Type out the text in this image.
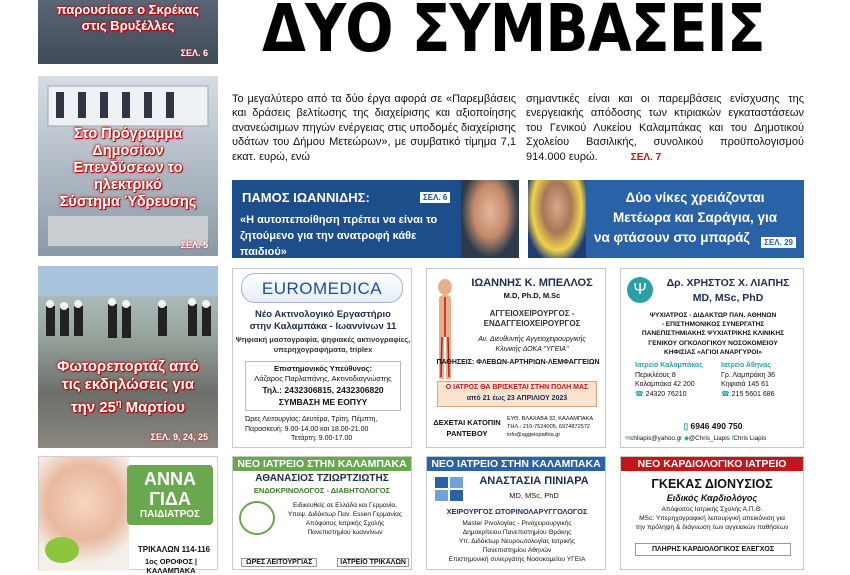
παρουσίασε ο Σκρέκας
στις Βρυξέλλες
ΣΕΛ. 6
Στο Πρόγραμμα
Δημοσίων
Επενδύσεων το
ηλεκτρικό
Σύστημα Ύδρευσης
ΣΕΛ. 5
Φωτορεπορτάζ από
τις εκδηλώσεις για
την $25^\eta$ Μαρτίου
ΣΕΛ. 9, 24, 25
ΑΝΝΑ
ΓΙΔΑ
ΠΑΙΔΙΑΤΡΟΣ
ΤΡΙΚΑΛΩΝ 114-116
1ος ΟΡΟΦΟΣ | ΚΑΛΑΜΠΑΚΑ
ΔΥΟ ΣΥΜΒΑΣΕΙΣ
Το μεγαλύτερο από τα δύο έργα αφορά σε «Παρεμβάσεις και δράσεις βελτίωσης της διαχείρισης και αξιοποίησης ανανεώσιμων πηγών ενέργειας στις υποδομές διαχείρισης υδάτων του Δήμου Μετεώρων», με συμβατικό τίμημα 7,1 εκατ. ευρώ, ενώ
σημαντικές είναι και οι παρεμβάσεις ενίσχυσης της ενεργειακής απόδοσης των κτιριακών εγκαταστάσεων του Γενικού Λυκείου Καλαμπάκας και του Δημοτικού Σχολείου Βασιλικής, συνολικού προϋπολογισμού 914.000 ευρώ.	ΣΕΛ. 7
ΠΑΜΟΣ ΙΩΑΝΝΙΔΗΣ:	ΣΕΛ. 6
«Η αυτοπεποίθηση πρέπει να είναι το
ζητούμενο για την ανατροφή κάθε παιδιού»
Δύο νίκες χρειάζονται
Μετέωρα και Σαράγια, για
να φτάσουν στο μπαράζ	ΣΕΛ. 29
EUROMEDICA
Νέο Ακτινολογικό Εργαστήριο
στην Καλαμπάκα - Ιωαννίνων 11
Ψηφιακή μαστογραφία, ψηφιακές ακτινογραφίες,
υπερηχογραφήματα, triplex
Επιστημονικός Υπεύθυνος:
Λάζαρος Παρλαπάνης, Ακτινοδιαγνώστης
Τηλ.: 2432306815, 2432306820
ΣΥΜΒΑΣΗ ΜΕ ΕΟΠΥΥ
Ώρες Λειτουργίας: Δευτέρα, Τρίτη, Πέμπτη,
Παρασκευή: 9.00-14.00 και 18.00-21.00
Τετάρτη: 9.00-17.00
ΙΩΑΝΝΗΣ Κ. ΜΠΕΛΛΟΣ
M.D, Ph.D, M.Sc
ΑΓΓΕΙΟΧΕΙΡΟΥΡΓΟΣ -
ΕΝΔΑΓΓΕΙΟΧΕΙΡΟΥΡΓΟΣ
Αν. Διευθυντής Αγγειοχειρουργικής
Κλινικής ΔΟΚΑ "ΥΓΕΙΑ"
ΠΑΘΗΣΕΙΣ: ΦΛΕΒΩΝ-ΑΡΤΗΡΙΩΝ-ΛΕΜΦΑΓΓΕΙΩΝ
Ο ΙΑΤΡΟΣ ΘΑ ΒΡΙΣΚΕΤΑΙ ΣΤΗΝ ΠΟΛΗ ΜΑΣ
από 21 έως 23 ΑΠΡΙΛΙΟΥ 2023
ΔΕΧΕΤΑΙ ΚΑΤΟΠΙΝ
ΡΑΝΤΕΒΟΥ
ΕΥΘ. ΒΛΑΧΑΒΑ 32, ΚΑΛΑΜΠΑΚΑ
ΤΗΛ.: 210-7524005, 6974872572
info@aggeiopathia.gr
Ψ	Δρ. ΧΡΗΣΤΟΣ Χ. ΛΙΑΠΗΣ
MD, MSc, PhD
ΨΥΧΙΑΤΡΟΣ - ΔΙΔΑΚΤΩΡ ΠΑΝ. ΑΘΗΝΩΝ
- ΕΠΙΣΤΗΜΟΝΙΚΟΣ ΣΥΝΕΡΓΑΤΗΣ
ΠΑΝΕΠΙΣΤΗΜΙΑΚΗΣ ΨΥΧΙΑΤΡΙΚΗΣ ΚΛΙΝΙΚΗΣ
ΓΕΝΙΚΟΥ ΟΓΚΟΛΟΓΙΚΟΥ ΝΟΣΟΚΟΜΕΙΟΥ
ΚΗΦΙΣΙΑΣ «ΑΓΙΟΙ ΑΝΑΡΓΥΡΟΙ»
Ιατρείο Καλαμπάκας
Περικλέους 8
Καλαμπάκα 42 200
☎ 24320 76210
Ιατρείο Αθηνας
Γρ. Λαμπράκη 36
Κηφισιά 145 61
☎ 215 5601 686
▯ 6946 490 750
✉chliapis@yahoo.gr ◆@Chris_Liapis fChris Liapis
ΝΕΟ ΙΑΤΡΕΙΟ ΣΤΗΝ ΚΑΛΑΜΠΑΚΑ
ΑΘΑΝΑΣΙΟΣ ΤΖΙΩΡΤΖΙΩΤΗΣ
ΕΝΔΟΚΡΙΝΟΛΟΓΟΣ - ΔΙΑΒΗΤΟΛΟΓΟΣ
Ειδικευθείς σε Ελλάδα και Γερμανία,
Υποψ. Διδάκτωρ Παν. Essen Γερμανίας
Απόφοιτος Ιατρικής Σχολής
Πανεπιστημίου Ιωαννίνων
ΩΡΕΣ ΛΕΙΤΟΥΡΓΙΑΣ	ΙΑΤΡΕΙΟ ΤΡΙΚΑΛΩΝ
ΝΕΟ ΙΑΤΡΕΙΟ ΣΤΗΝ ΚΑΛΑΜΠΑΚΑ
ΑΝΑΣΤΑΣΙΑ ΠΙΝΙΑΡΑ
MD, MSc, PhD
ΧΕΙΡΟΥΡΓΟΣ ΩΤΟΡΙΝΟΛΑΡΥΓΓΟΛΟΓΟΣ
Master Ρινολογίας - Ρινοχειρουργικής
Δημοκρίτειου Πανεπιστημίου Θράκης
Υπ. Διδάκτωρ Νευροωτολογίας Ιατρικής
Πανεπιστημίου Αθηνών
Επιστημονική συνεργάτης Νοσοκομείου ΥΓΕΙΑ
ΝΕΟ ΚΑΡΔΙΟΛΟΓΙΚΟ ΙΑΤΡΕΙΟ
ΓΚΕΚΑΣ ΔΙΟΝΥΣΙΟΣ
Ειδικός Καρδιολόγος
Απόφοιτος Ιατρικής Σχολής Α.Π.Θ.
MSc: Υπερηχογραφική λειτουργική απεικόνιση για
την πρόληψη & διάγνωση των αγγειακών παθήσεων
ΠΛΗΡΗΣ ΚΑΡΔΙΟΛΟΓΙΚΟΣ ΕΛΕΓΧΟΣ
